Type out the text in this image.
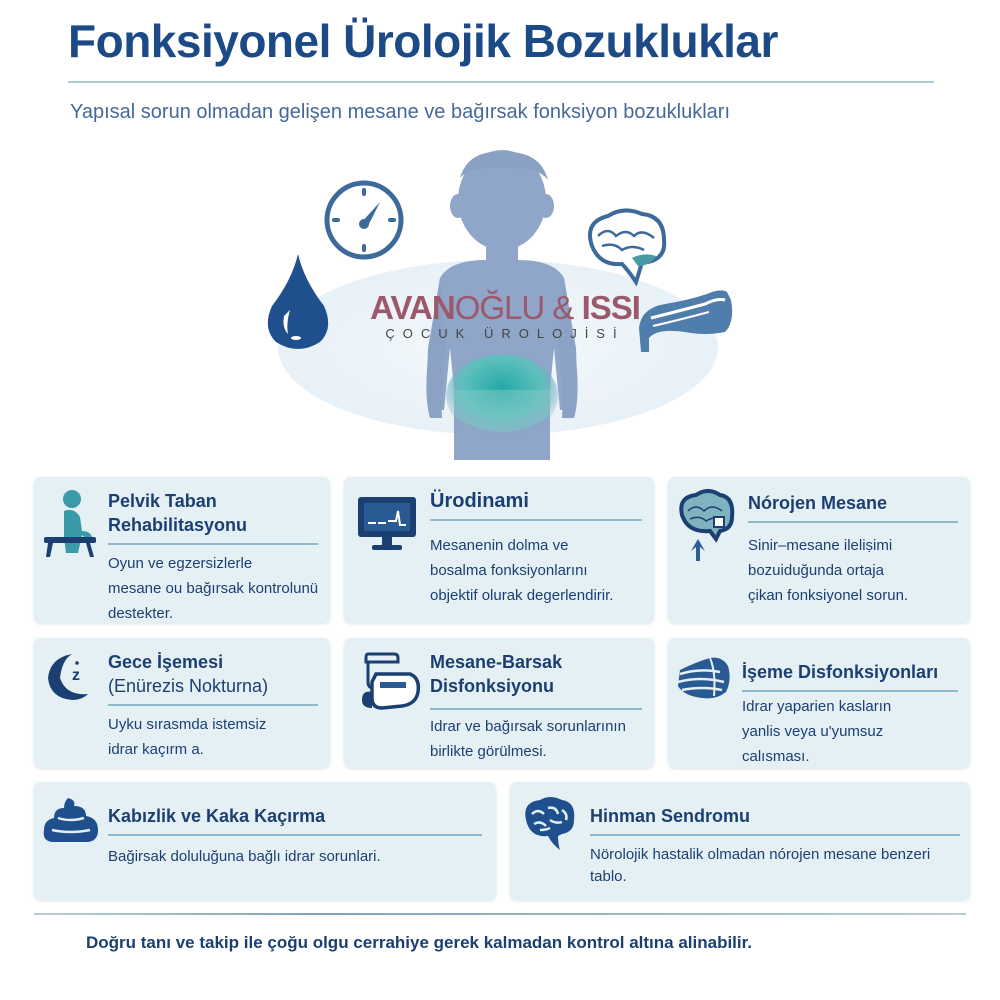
Fonksiyonel Ürolojik Bozukluklar
Yapısal sorun olmadan gelişen mesane ve bağırsak fonksiyon bozuklukları
AVANOĞLU & ISSI
ÇOCUK ÜROLOJİSİ
Pelvik Taban
Rehabilitasyonu
Oyun ve egzersizlerle
mesane ou bağırsak kontrolunü
destekter.
Ürodinami
Mesanenin dolma ve
bosalma fonksiyonlarını
objektif olurak degerlendirir.
Nórojen Mesane
Sinir–mesane ileliṣimi
bozuiduğunda ortaja
çikan fonksiyonel sorun.
z
Gece İşemesi
(Enürezis Nokturna)
Uyku sırasmda istemsiz
idrar kaçırm a.
Mesane-Barsak
Disfonksiyonu
Idrar ve bağırsak sorunlarının
birlikte görülmesi.
İşeme Disfonksiyonları
Idrar yaparien kasların
yanlis veya u'yumsuz
calısması.
Kabızlik ve Kaka Kaçırma
Bağirsak doluluğuna bağlı idrar sorunlari.
Hinman Sendromu
Nörolojik hastalik olmadan nórojen mesane benzeri
tablo.
Doğru tanı ve takip ile çoğu olgu cerrahiye gerek kalmadan kontrol altına alinabilir.
